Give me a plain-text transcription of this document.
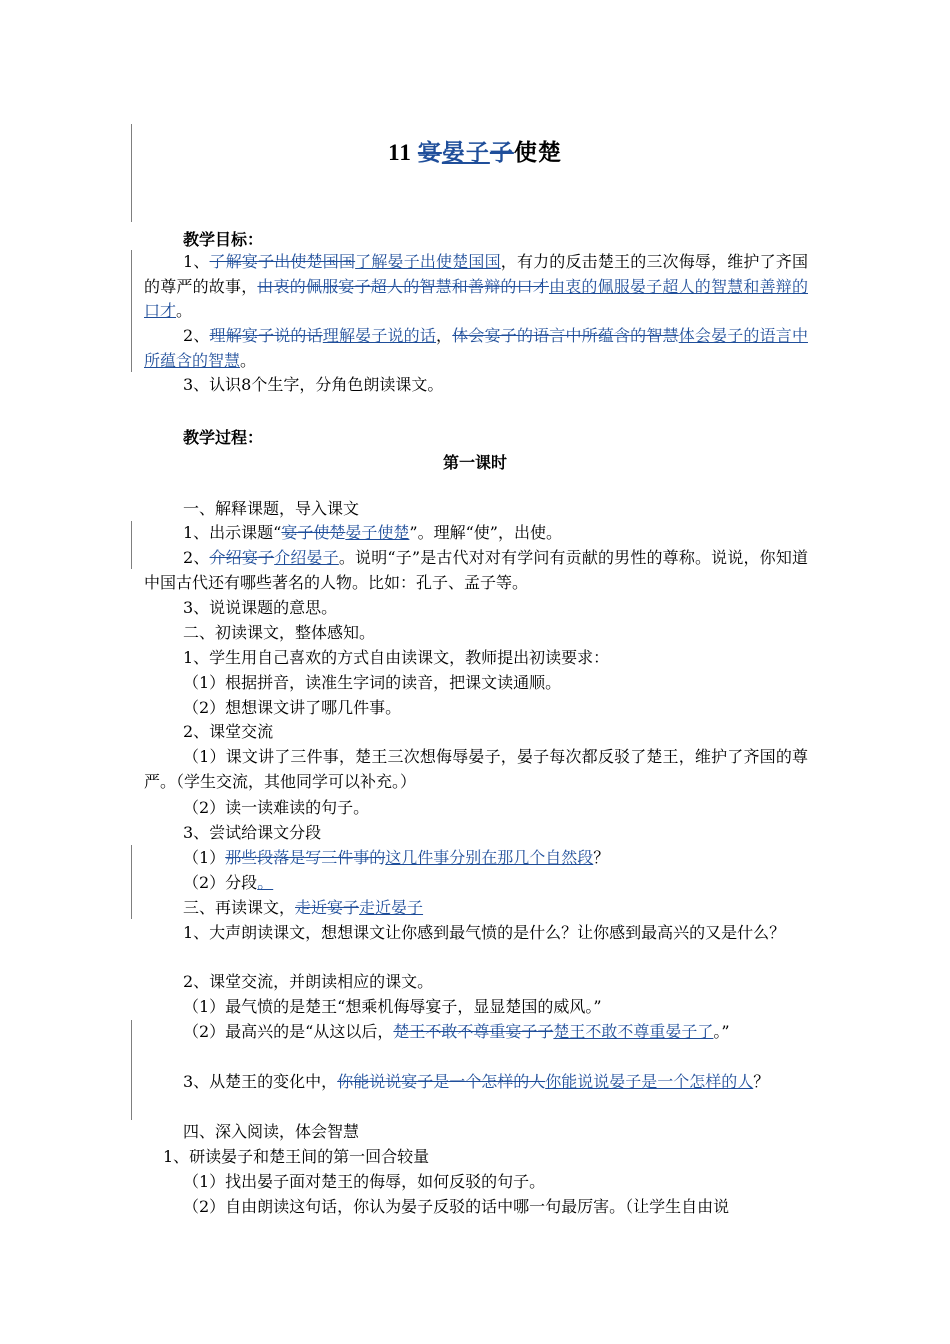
11 宴晏子子使楚
教学目标：
1、了解宴子出使楚国国了解晏子出使楚国国，有力的反击楚王的三次侮辱，维护了齐国的尊严的故事，由衷的佩服宴子超人的智慧和善辩的口才由衷的佩服晏子超人的智慧和善辩的口才。
2、理解宴子说的话理解晏子说的话，体会宴子的语言中所蕴含的智慧体会晏子的语言中所蕴含的智慧。
3、认识8个生字，分角色朗读课文。
教学过程：
第一课时
一、解释课题，导入课文
1、出示课题“宴子使楚晏子使楚”。理解“使”，出使。
2、介绍宴子介绍晏子。说明“子”是古代对对有学问有贡献的男性的尊称。说说，你知道中国古代还有哪些著名的人物。比如：孔子、孟子等。
3、说说课题的意思。
二、初读课文，整体感知。
1、学生用自己喜欢的方式自由读课文，教师提出初读要求：
（1）根据拼音，读准生字词的读音，把课文读通顺。
（2）想想课文讲了哪几件事。
2、课堂交流
（1）课文讲了三件事，楚王三次想侮辱晏子，晏子每次都反驳了楚王，维护了齐国的尊严。（学生交流，其他同学可以补充。）
（2）读一读难读的句子。
3、尝试给课文分段
（1）那些段落是写三件事的这几件事分别在那几个自然段？
（2）分段。
三、再读课文，走近宴子走近晏子
1、大声朗读课文，想想课文让你感到最气愤的是什么？让你感到最高兴的又是什么？
2、课堂交流，并朗读相应的课文。
（1）最气愤的是楚王“想乘机侮辱宴子，显显楚国的威风。”
（2）最高兴的是“从这以后，楚王不敢不尊重宴子子楚王不敢不尊重晏子了。”
3、从楚王的变化中，你能说说宴子是一个怎样的人你能说说晏子是一个怎样的人？
四、深入阅读，体会智慧
1、研读晏子和楚王间的第一回合较量
（1）找出晏子面对楚王的侮辱，如何反驳的句子。
（2）自由朗读这句话，你认为晏子反驳的话中哪一句最厉害。（让学生自由说
